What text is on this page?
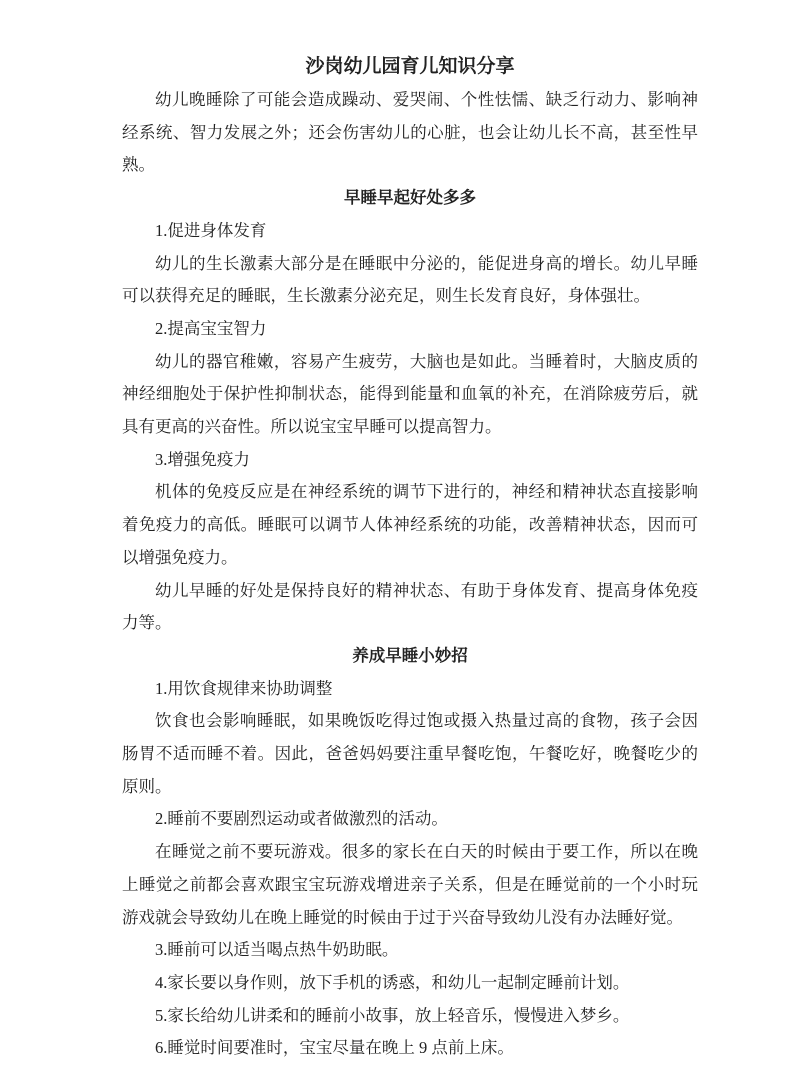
沙岗幼儿园育儿知识分享
幼儿晚睡除了可能会造成躁动、爱哭闹、个性怯懦、缺乏行动力、影响神经系统、智力发展之外；还会伤害幼儿的心脏，也会让幼儿长不高，甚至性早熟。
早睡早起好处多多
1.促进身体发育
幼儿的生长激素大部分是在睡眠中分泌的，能促进身高的增长。幼儿早睡可以获得充足的睡眠，生长激素分泌充足，则生长发育良好，身体强壮。
2.提高宝宝智力
幼儿的器官稚嫩，容易产生疲劳，大脑也是如此。当睡着时，大脑皮质的神经细胞处于保护性抑制状态，能得到能量和血氧的补充，在消除疲劳后，就具有更高的兴奋性。所以说宝宝早睡可以提高智力。
3.增强免疫力
机体的免疫反应是在神经系统的调节下进行的，神经和精神状态直接影响着免疫力的高低。睡眠可以调节人体神经系统的功能，改善精神状态，因而可以增强免疫力。
幼儿早睡的好处是保持良好的精神状态、有助于身体发育、提高身体免疫力等。
养成早睡小妙招
1.用饮食规律来协助调整
饮食也会影响睡眠，如果晚饭吃得过饱或摄入热量过高的食物，孩子会因肠胃不适而睡不着。因此，爸爸妈妈要注重早餐吃饱，午餐吃好，晚餐吃少的原则。
2.睡前不要剧烈运动或者做激烈的活动。
在睡觉之前不要玩游戏。很多的家长在白天的时候由于要工作，所以在晚上睡觉之前都会喜欢跟宝宝玩游戏增进亲子关系，但是在睡觉前的一个小时玩游戏就会导致幼儿在晚上睡觉的时候由于过于兴奋导致幼儿没有办法睡好觉。
3.睡前可以适当喝点热牛奶助眠。
4.家长要以身作则，放下手机的诱惑，和幼儿一起制定睡前计划。
5.家长给幼儿讲柔和的睡前小故事，放上轻音乐，慢慢进入梦乡。
6.睡觉时间要准时，宝宝尽量在晚上 9 点前上床。
